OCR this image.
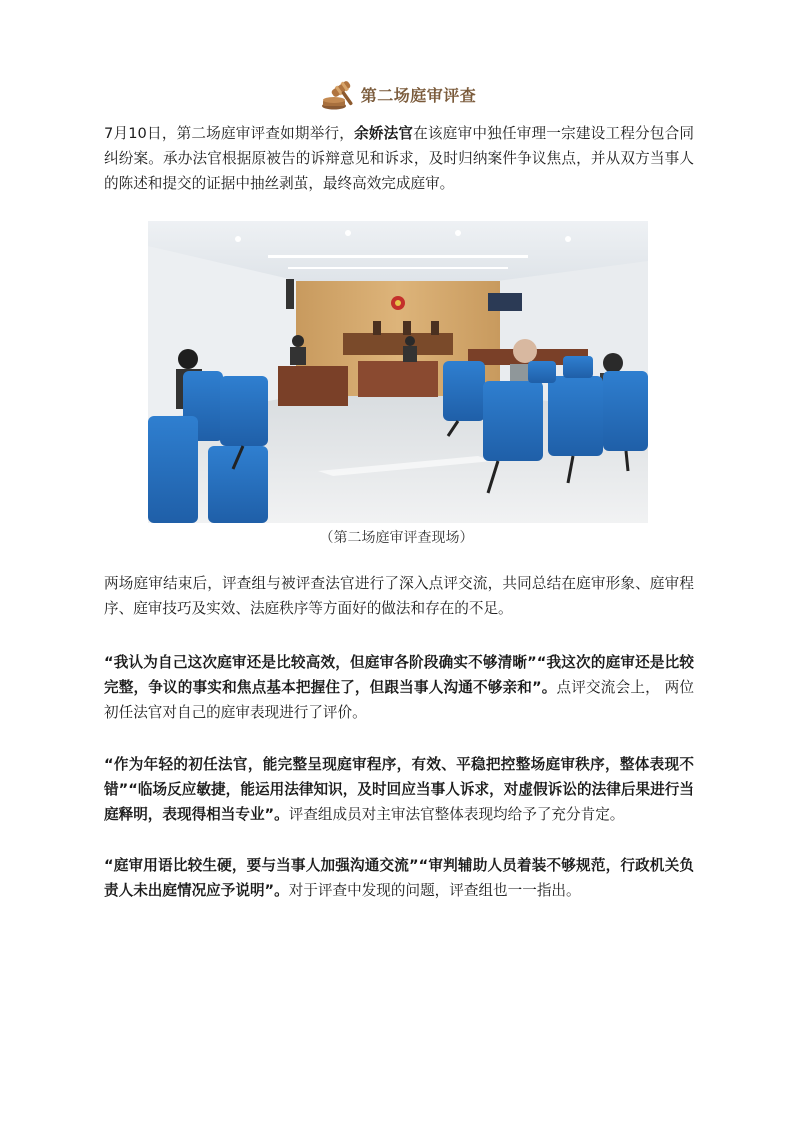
第二场庭审评查

7月10日，第二场庭审评查如期举行，余娇法官在该庭审中独任审理一宗建设工程分包合同纠纷案。承办法官根据原被告的诉辩意见和诉求，及时归纳案件争议焦点，并从双方当事人的陈述和提交的证据中抽丝剥茧，最终高效完成庭审。

（第二场庭审评查现场）

两场庭审结束后，评查组与被评查法官进行了深入点评交流，共同总结在庭审形象、庭审程序、庭审技巧及实效、法庭秩序等方面好的做法和存在的不足。

“我认为自己这次庭审还是比较高效，但庭审各阶段确实不够清晰”“我这次的庭审还是比较完整，争议的事实和焦点基本把握住了，但跟当事人沟通不够亲和”。点评交流会上， 两位初任法官对自己的庭审表现进行了评价。

“作为年轻的初任法官，能完整呈现庭审程序，有效、平稳把控整场庭审秩序，整体表现不错”“临场反应敏捷，能运用法律知识，及时回应当事人诉求，对虚假诉讼的法律后果进行当庭释明，表现得相当专业”。评查组成员对主审法官整体表现均给予了充分肯定。

“庭审用语比较生硬，要与当事人加强沟通交流”“审判辅助人员着装不够规范，行政机关负责人未出庭情况应予说明”。对于评查中发现的问题，评查组也一一指出。
